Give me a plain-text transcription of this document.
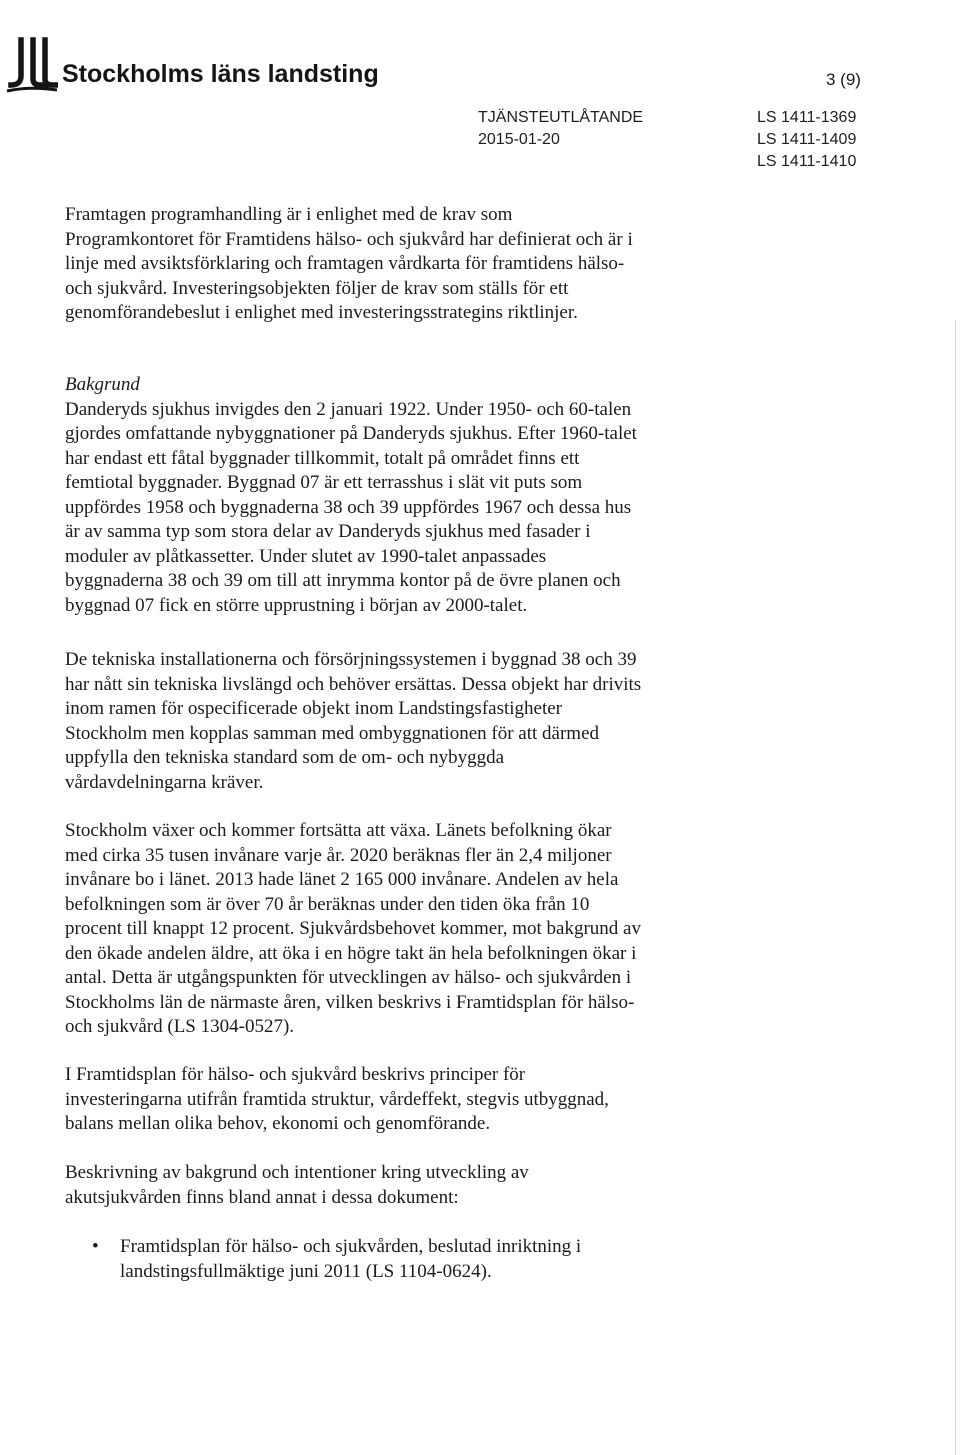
Stockholms läns landsting	3 (9)
TJÄNSTEUTLÅTANDE
2015-01-20
LS 1411-1369
LS 1411-1409
LS 1411-1410
Framtagen programhandling är i enlighet med de krav som
Programkontoret för Framtidens hälso- och sjukvård har definierat och är i
linje med avsiktsförklaring och framtagen vårdkarta för framtidens hälso-
och sjukvård. Investeringsobjekten följer de krav som ställs för ett
genomförandebeslut i enlighet med investeringsstrategins riktlinjer.
Bakgrund
Danderyds sjukhus invigdes den 2 januari 1922. Under 1950- och 60-talen
gjordes omfattande nybyggnationer på Danderyds sjukhus. Efter 1960-talet
har endast ett fåtal byggnader tillkommit, totalt på området finns ett
femtiotal byggnader. Byggnad 07 är ett terrasshus i slät vit puts som
uppfördes 1958 och byggnaderna 38 och 39 uppfördes 1967 och dessa hus
är av samma typ som stora delar av Danderyds sjukhus med fasader i
moduler av plåtkassetter. Under slutet av 1990-talet anpassades
byggnaderna 38 och 39 om till att inrymma kontor på de övre planen och
byggnad 07 fick en större upprustning i början av 2000-talet.
De tekniska installationerna och försörjningssystemen i byggnad 38 och 39
har nått sin tekniska livslängd och behöver ersättas. Dessa objekt har drivits
inom ramen för ospecificerade objekt inom Landstingsfastigheter
Stockholm men kopplas samman med ombyggnationen för att därmed
uppfylla den tekniska standard som de om- och nybyggda
vårdavdelningarna kräver.
Stockholm växer och kommer fortsätta att växa. Länets befolkning ökar
med cirka 35 tusen invånare varje år. 2020 beräknas fler än 2,4 miljoner
invånare bo i länet. 2013 hade länet 2 165 000 invånare. Andelen av hela
befolkningen som är över 70 år beräknas under den tiden öka från 10
procent till knappt 12 procent. Sjukvårdsbehovet kommer, mot bakgrund av
den ökade andelen äldre, att öka i en högre takt än hela befolkningen ökar i
antal. Detta är utgångspunkten för utvecklingen av hälso- och sjukvården i
Stockholms län de närmaste åren, vilken beskrivs i Framtidsplan för hälso-
och sjukvård (LS 1304-0527).
I Framtidsplan för hälso- och sjukvård beskrivs principer för
investeringarna utifrån framtida struktur, vårdeffekt, stegvis utbyggnad,
balans mellan olika behov, ekonomi och genomförande.
Beskrivning av bakgrund och intentioner kring utveckling av
akutsjukvården finns bland annat i dessa dokument:
• Framtidsplan för hälso- och sjukvården, beslutad inriktning i
landstingsfullmäktige juni 2011 (LS 1104-0624).
